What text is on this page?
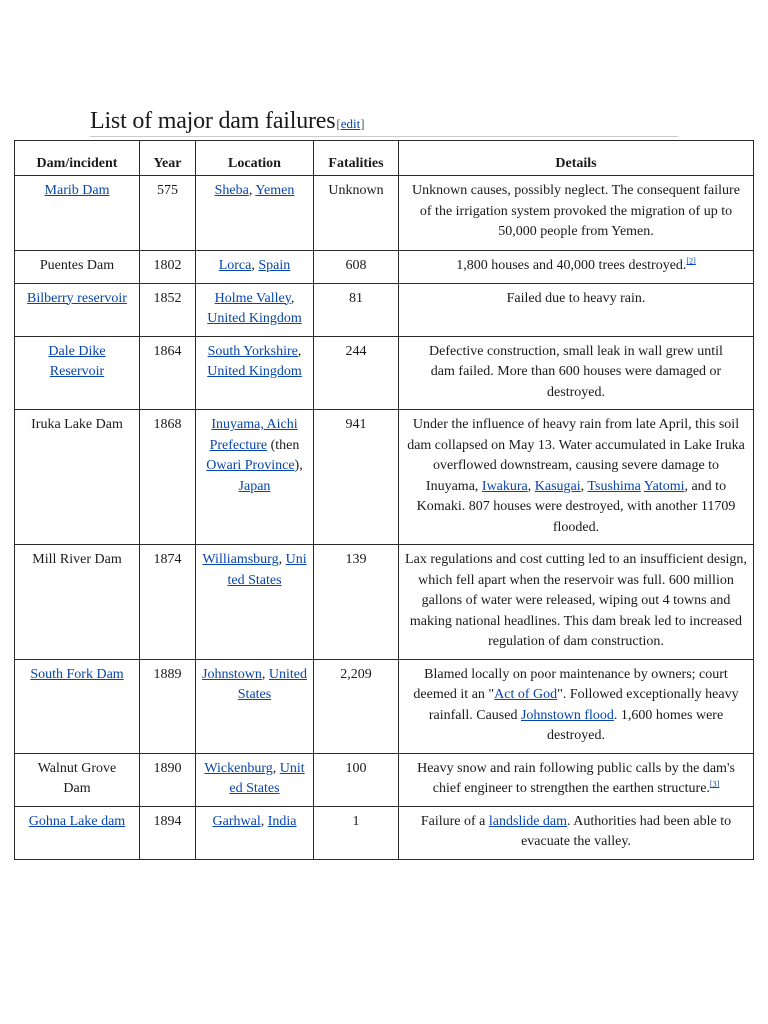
List of major dam failures[edit]
Dam/incident	Year	Location	Fatalities	Details
Marib Dam	575	Sheba, Yemen	Unknown	Unknown causes, possibly neglect. The consequent failure of the irrigation system provoked the migration of up to 50,000 people from Yemen.
Puentes Dam	1802	Lorca, Spain	608	1,800 houses and 40,000 trees destroyed.[2]
Bilberry reservoir	1852	Holme Valley, United Kingdom	81	Failed due to heavy rain.
Dale Dike Reservoir	1864	South Yorkshire, United Kingdom	244	Defective construction, small leak in wall grew until dam failed. More than 600 houses were damaged or destroyed.
Iruka Lake Dam	1868	Inuyama, Aichi Prefecture (then Owari Province), Japan	941	Under the influence of heavy rain from late April, this soil dam collapsed on May 13. Water accumulated in Lake Iruka overflowed downstream, causing severe damage to Inuyama, Iwakura, Kasugai, Tsushima Yatomi, and to Komaki. 807 houses were destroyed, with another 11709 flooded.
Mill River Dam	1874	Williamsburg, United States	139	Lax regulations and cost cutting led to an insufficient design, which fell apart when the reservoir was full. 600 million gallons of water were released, wiping out 4 towns and making national headlines. This dam break led to increased regulation of dam construction.
South Fork Dam	1889	Johnstown, United States	2,209	Blamed locally on poor maintenance by owners; court deemed it an "Act of God". Followed exceptionally heavy rainfall. Caused Johnstown flood. 1,600 homes were destroyed.
Walnut Grove Dam	1890	Wickenburg, United States	100	Heavy snow and rain following public calls by the dam's chief engineer to strengthen the earthen structure.[3]
Gohna Lake dam	1894	Garhwal, India	1	Failure of a landslide dam. Authorities had been able to evacuate the valley.
